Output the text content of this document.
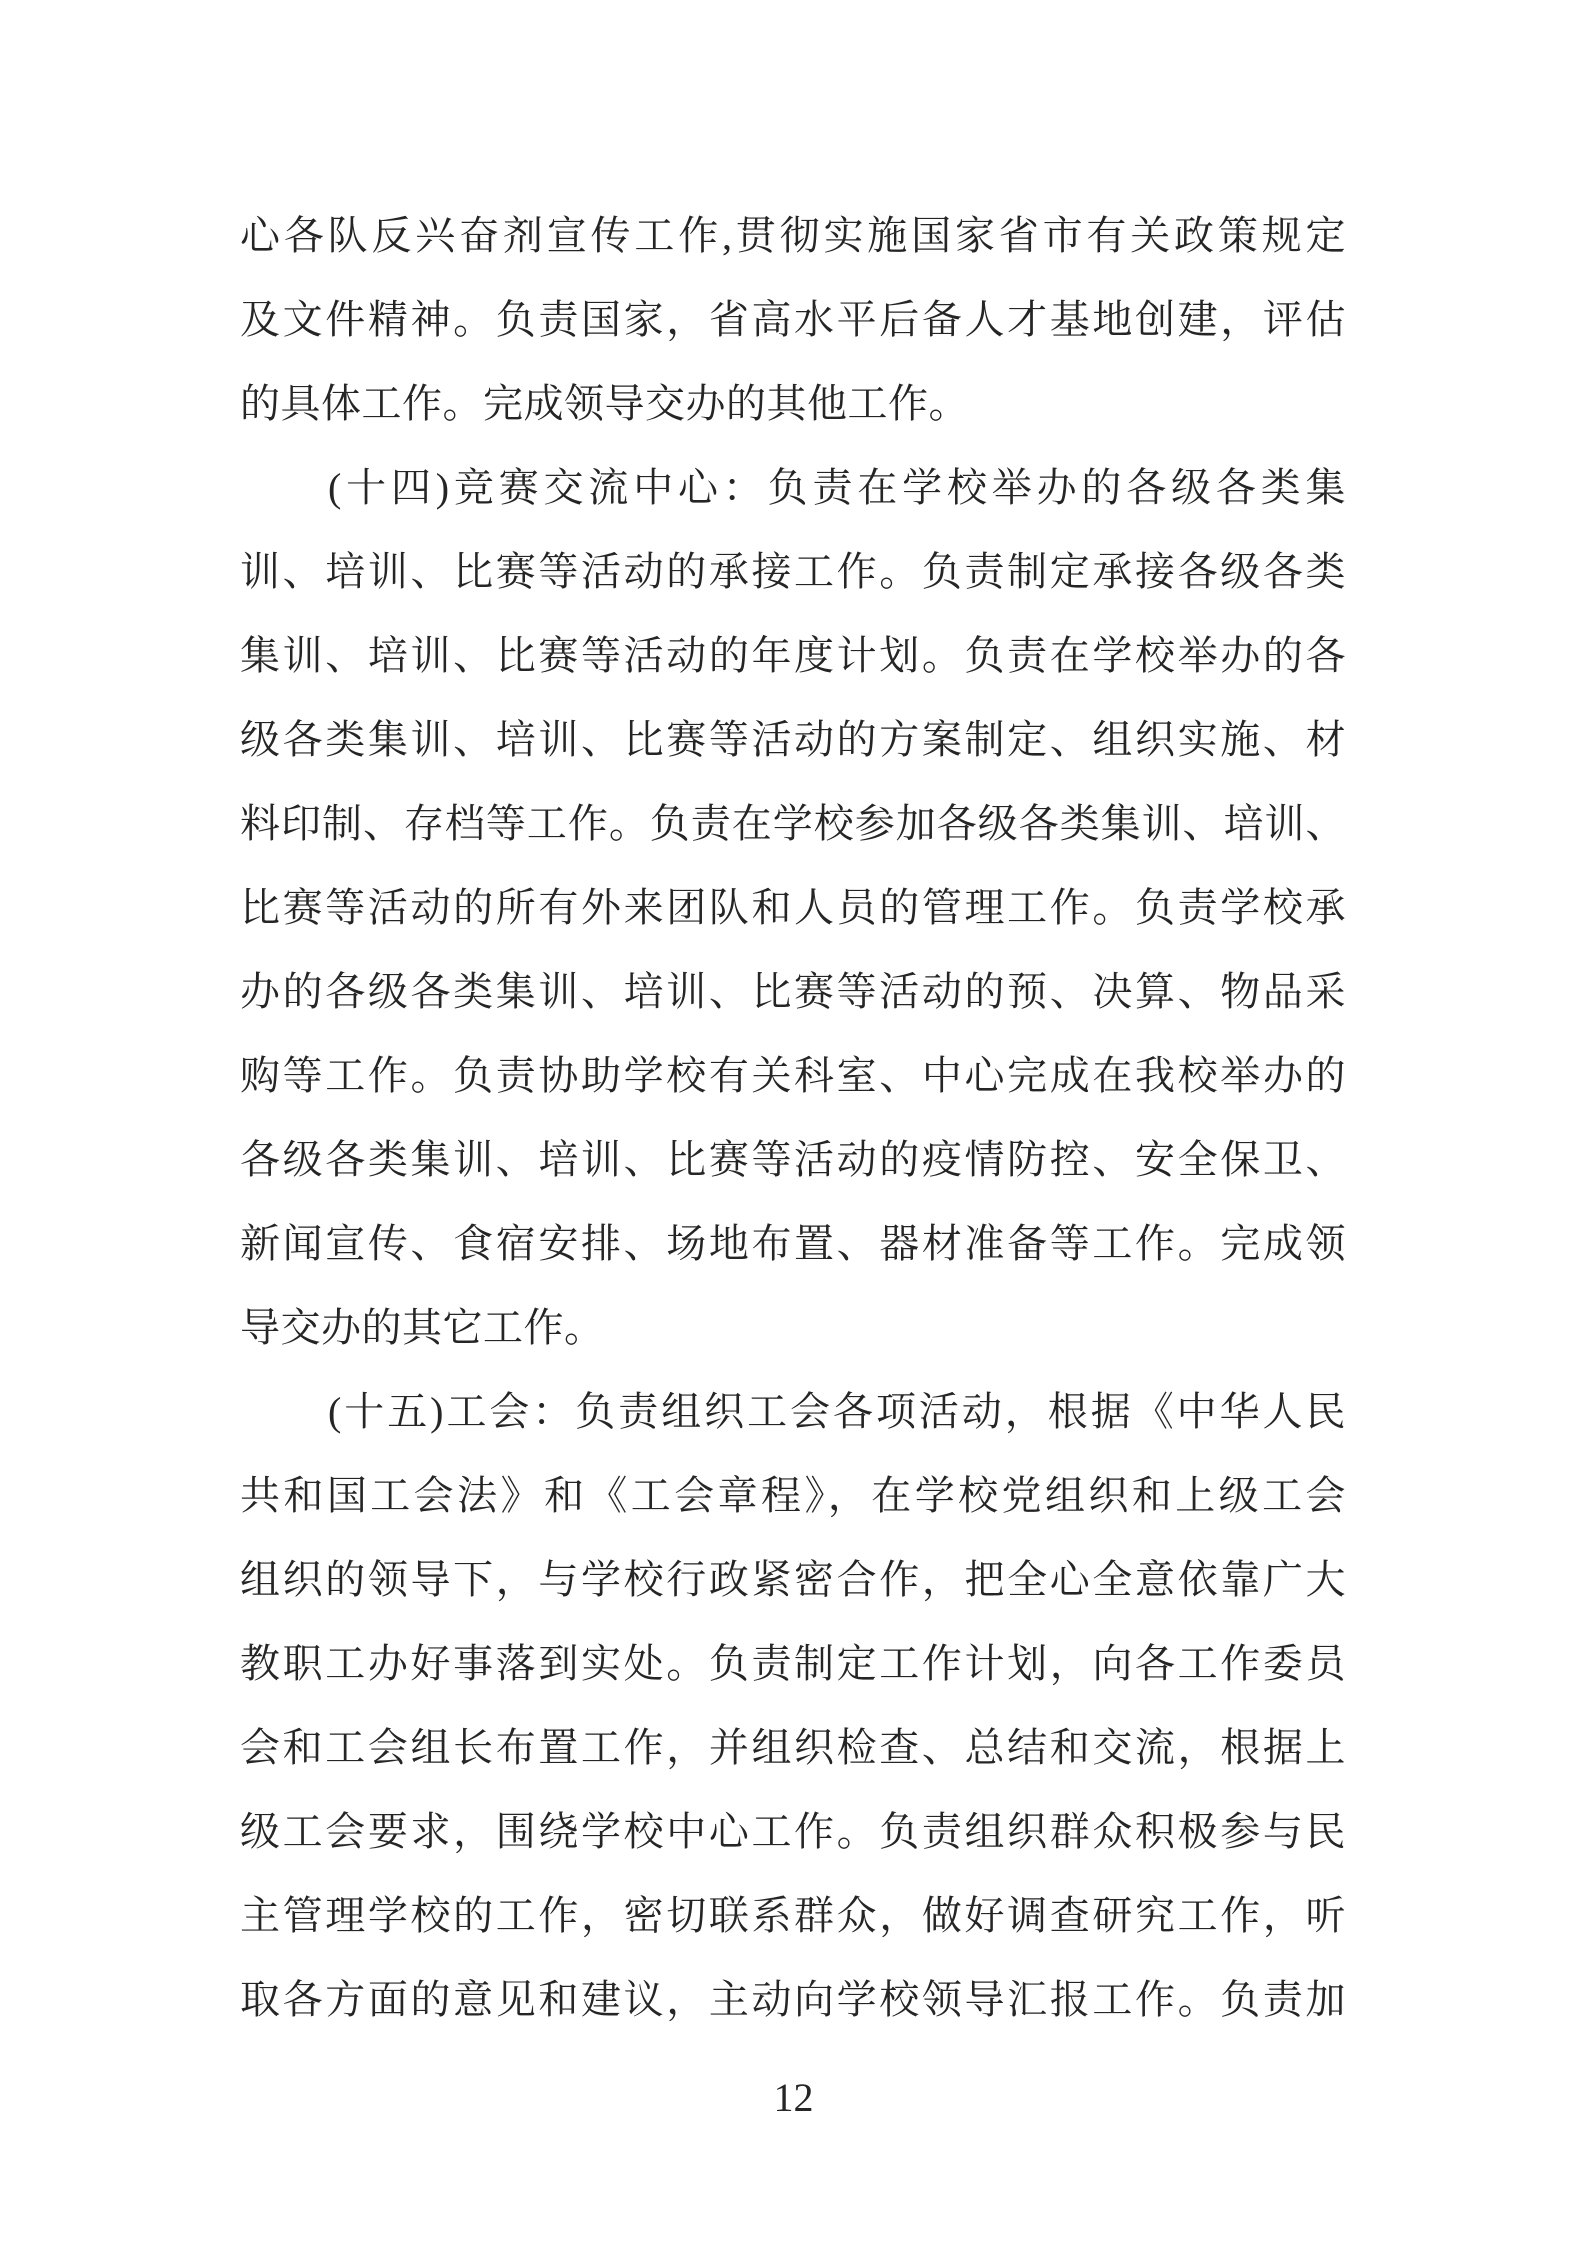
心各队反兴奋剂宣传工作,贯彻实施国家省市有关政策规定
及文件精神。负责国家，省高水平后备人才基地创建，评估
的具体工作。完成领导交办的其他工作。
(十四)竞赛交流中心：负责在学校举办的各级各类集
训、培训、比赛等活动的承接工作。负责制定承接各级各类
集训、培训、比赛等活动的年度计划。负责在学校举办的各
级各类集训、培训、比赛等活动的方案制定、组织实施、材
料印制、存档等工作。负责在学校参加各级各类集训、培训、
比赛等活动的所有外来团队和人员的管理工作。负责学校承
办的各级各类集训、培训、比赛等活动的预、决算、物品采
购等工作。负责协助学校有关科室、中心完成在我校举办的
各级各类集训、培训、比赛等活动的疫情防控、安全保卫、
新闻宣传、食宿安排、场地布置、器材准备等工作。完成领
导交办的其它工作。
(十五)工会：负责组织工会各项活动，根据《中华人民
共和国工会法》和《工会章程》，在学校党组织和上级工会
组织的领导下，与学校行政紧密合作，把全心全意依靠广大
教职工办好事落到实处。负责制定工作计划，向各工作委员
会和工会组长布置工作，并组织检查、总结和交流，根据上
级工会要求，围绕学校中心工作。负责组织群众积极参与民
主管理学校的工作，密切联系群众，做好调查研究工作，听
取各方面的意见和建议，主动向学校领导汇报工作。负责加
12
